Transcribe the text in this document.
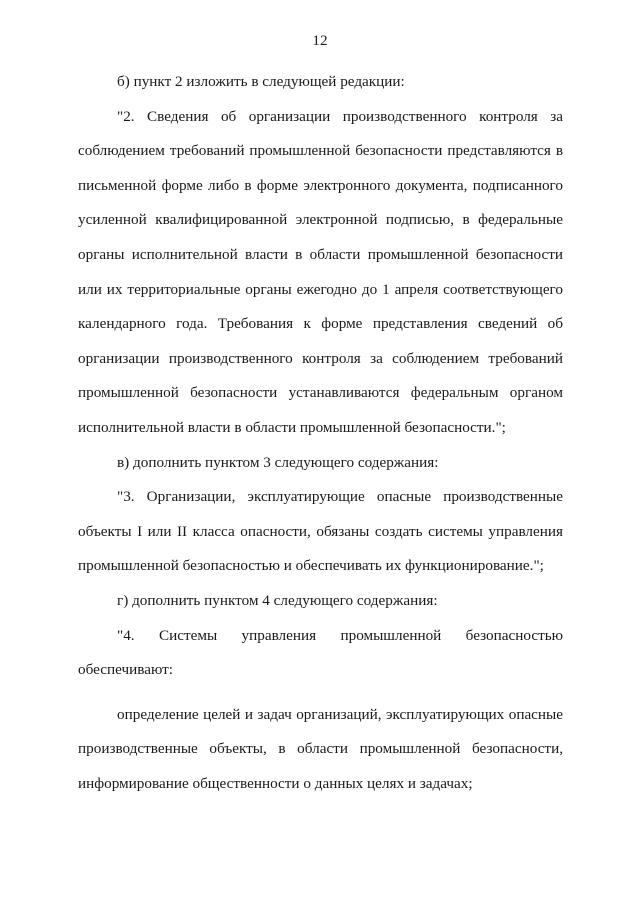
12

б) пункт 2 изложить в следующей редакции:

"2. Сведения об организации производственного контроля за соблюдением требований промышленной безопасности представляются в письменной форме либо в форме электронного документа, подписанного усиленной квалифицированной электронной подписью, в федеральные органы исполнительной власти в области промышленной безопасности или их территориальные органы ежегодно до 1 апреля соответствующего календарного года. Требования к форме представления сведений об организации производственного контроля за соблюдением требований промышленной безопасности устанавливаются федеральным органом исполнительной власти в области промышленной безопасности.";

в) дополнить пунктом 3 следующего содержания:

"3. Организации, эксплуатирующие опасные производственные объекты I или II класса опасности, обязаны создать системы управления промышленной безопасностью и обеспечивать их функционирование.";

г) дополнить пунктом 4 следующего содержания:

"4. Системы управления промышленной безопасностью обеспечивают:

определение целей и задач организаций, эксплуатирующих опасные производственные объекты, в области промышленной безопасности, информирование общественности о данных целях и задачах;
